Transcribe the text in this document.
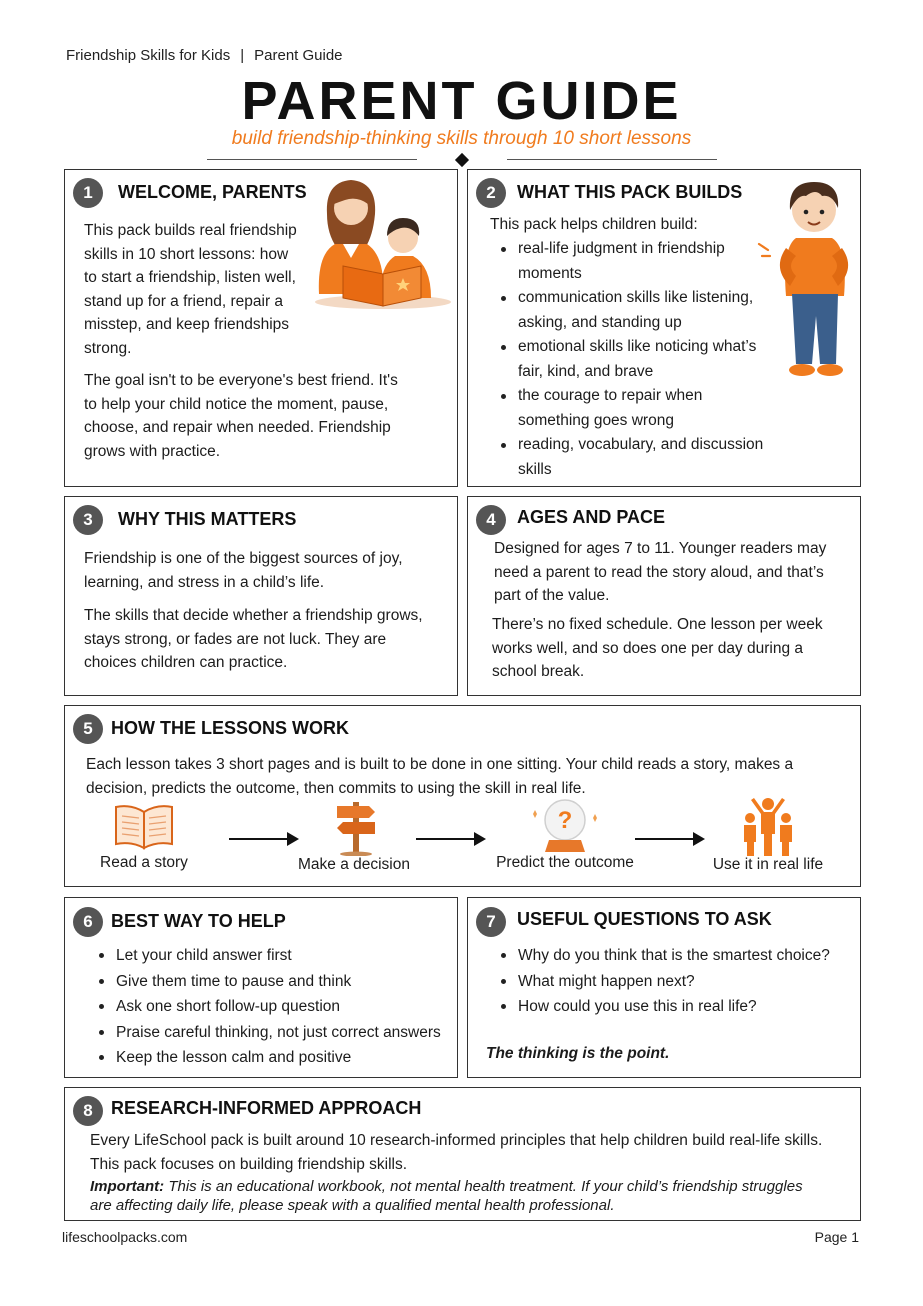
Friendship Skills for Kids | Parent Guide
PARENT GUIDE
build friendship-thinking skills through 10 short lessons
1	WELCOME, PARENTS
This pack builds real friendship
skills in 10 short lessons: how
to start a friendship, listen well,
stand up for a friend, repair a
misstep, and keep friendships
strong.
The goal isn't to be everyone's best friend. It's
to help your child notice the moment, pause,
choose, and repair when needed. Friendship
grows with practice.
2	WHAT THIS PACK BUILDS
This pack helps children build:
real-life judgment in friendship
moments
communication skills like listening,
asking, and standing up
emotional skills like noticing what’s
fair, kind, and brave
the courage to repair when
something goes wrong
reading, vocabulary, and discussion
skills
3	WHY THIS MATTERS
Friendship is one of the biggest sources of joy,
learning, and stress in a child’s life.
The skills that decide whether a friendship grows,
stays strong, or fades are not luck. They are
choices children can practice.
4	AGES AND PACE
Designed for ages 7 to 11. Younger readers may
need a parent to read the story aloud, and that’s
part of the value.
There’s no fixed schedule. One lesson per week
works well, and so does one per day during a
school break.
5	HOW THE LESSONS WORK
Each lesson takes 3 short pages and is built to be done in one sitting. Your child reads a story, makes a
decision, predicts the outcome, then commits to using the skill in real life.
Read a story	Make a decision
?
Predict the outcome	Use it in real life
6	BEST WAY TO HELP
Let your child answer first
Give them time to pause and think
Ask one short follow-up question
Praise careful thinking, not just correct answers
Keep the lesson calm and positive
7	USEFUL QUESTIONS TO ASK
Why do you think that is the smartest choice?
What might happen next?
How could you use this in real life?
The thinking is the point.
8	RESEARCH-INFORMED APPROACH
Every LifeSchool pack is built around 10 research-informed principles that help children build real-life skills.
This pack focuses on building friendship skills.
Important: This is an educational workbook, not mental health treatment. If your child’s friendship struggles
are affecting daily life, please speak with a qualified mental health professional.
lifeschoolpacks.com	Page 1
